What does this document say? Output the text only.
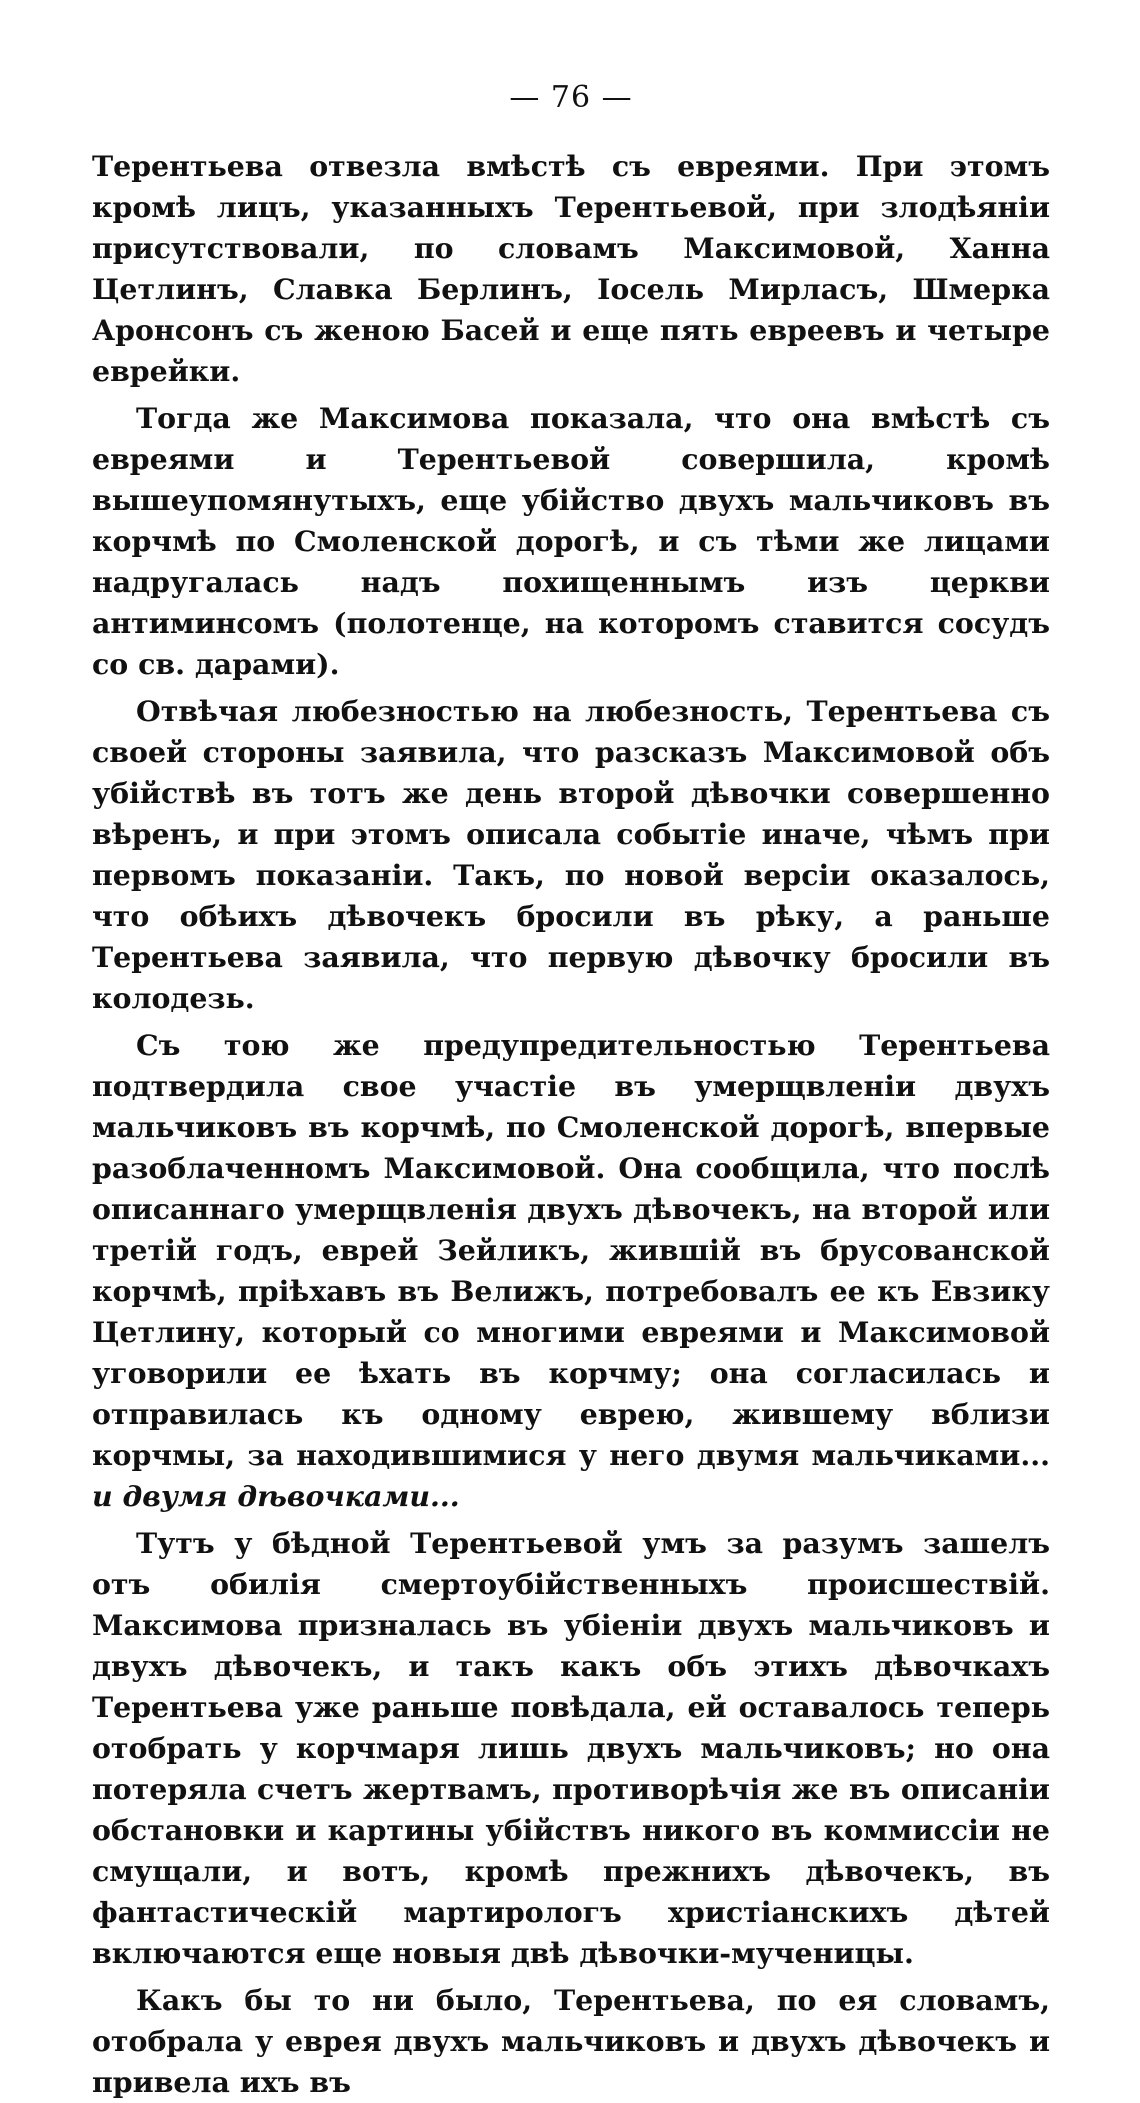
— 76 —

Терентьева отвезла вмѣстѣ съ евреями. При этомъ кромѣ лицъ, указанныхъ Терентьевой, при злодѣяніи присутствовали, по словамъ Максимовой, Ханна Цетлинъ, Славка Берлинъ, Іосель Мирласъ, Шмерка Аронсонъ съ женою Басей и еще пять евреевъ и четыре еврейки.

Тогда же Максимова показала, что она вмѣстѣ съ евреями и Терентьевой совершила, кромѣ вышеупомянутыхъ, еще убійство двухъ мальчиковъ въ корчмѣ по Смоленской дорогѣ, и съ тѣми же лицами надругалась надъ похищеннымъ изъ церкви антиминсомъ (полотенце, на которомъ ставится сосудъ со св. дарами).

Отвѣчая любезностью на любезность, Терентьева съ своей стороны заявила, что разсказъ Максимовой объ убійствѣ въ тотъ же день второй дѣвочки совершенно вѣренъ, и при этомъ описала событіе иначе, чѣмъ при первомъ показаніи. Такъ, по новой версіи оказалось, что обѣихъ дѣвочекъ бросили въ рѣку, а раньше Терентьева заявила, что первую дѣвочку бросили въ колодезь.

Съ тою же предупредительностью Терентьева подтвердила свое участіе въ умерщвленіи двухъ мальчиковъ въ корчмѣ, по Смоленской дорогѣ, впервые разоблаченномъ Максимовой. Она сообщила, что послѣ описаннаго умерщвленія двухъ дѣвочекъ, на второй или третій годъ, еврей Зейликъ, жившій въ брусованской корчмѣ, пріѣхавъ въ Велижъ, потребовалъ ее къ Евзику Цетлину, который со многими евреями и Максимовой уговорили ее ѣхать въ корчму; она согласилась и отправилась къ одному еврею, жившему вблизи корчмы, за находившимися у него двумя мальчиками... и двумя дѣвочками...

Тутъ у бѣдной Терентьевой умъ за разумъ зашелъ отъ обилія смертоубійственныхъ происшествій. Максимова призналась въ убіеніи двухъ мальчиковъ и двухъ дѣвочекъ, и такъ какъ объ этихъ дѣвочкахъ Терентьева уже раньше повѣдала, ей оставалось теперь отобрать у корчмаря лишь двухъ мальчиковъ; но она потеряла счетъ жертвамъ, противорѣчія же въ описаніи обстановки и картины убійствъ никого въ коммиссіи не смущали, и вотъ, кромѣ прежнихъ дѣвочекъ, въ фантастическій мартирологъ христіанскихъ дѣтей включаются еще новыя двѣ дѣвочки-мученицы.

Какъ бы то ни было, Терентьева, по ея словамъ, отобрала у еврея двухъ мальчиковъ и двухъ дѣвочекъ и привела ихъ въ
